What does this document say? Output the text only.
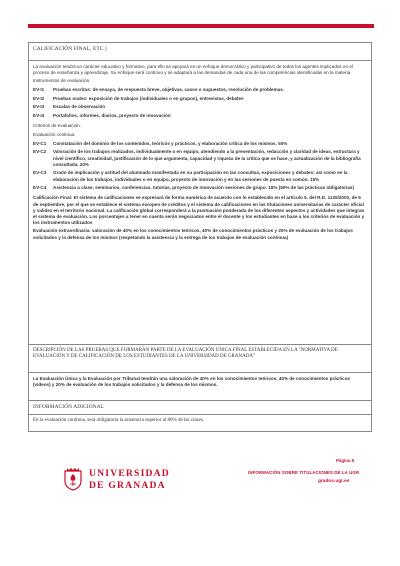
CALIFICACIÓN FINAL, ETC.)

La evaluación tendrá un carácter educativo y formativo, para ello se apoyará en un enfoque democrático y participativo de todos los agentes implicados en el proceso de enseñanza y aprendizaje. Su enfoque será continuo y se adaptará a las demandas de cada una de las competencias identificadas en la materia.

Instrumentos de evaluación.

EV-I1	Pruebas escritas: de ensayo, de respuesta breve, objetivas, casos o supuestos, resolución de problemas.
EV-I2	Pruebas orales: exposición de trabajos (individuales o en grupos), entrevistas, debates
EV-I3	Escalas de observación
EV-I4	Portafolios, informes, diarios, proyecto de innovación

Criterios de evaluación.

Evaluación continua.

EV-C1	Constatación del dominio de los contenidos, teóricos y prácticos, y elaboración crítica de los mismos. 50%
EV-C2	Valoración de los trabajos realizados, individualmente o en equipo, atendiendo a la presentación, redacción y claridad de ideas, estructura y nivel científico, creatividad, justificación de lo que argumenta, capacidad y riqueza de la crítica que se hace, y actualización de la bibliografía consultada. 20%
EV-C3	Grado de implicación y actitud del alumnado manifestada en su participación en las consultas, exposiciones y debates; así como en la elaboración de los trabajos, individuales o en equipo, proyecto de innovación y en las sesiones de puesta en común. 15%
EV-C4	Asistencia a clase, seminarios, conferencias, tutorías, proyecto de innovación sesiones de grupo. 15% (50% de las prácticas obligatorias)

Calificación Final: El sistema de calificaciones se expresará de forma numérica de acuerdo con lo establecido en el artículo 5. del R.D. 1125/2003, de 5 de septiembre, por el que se establece el sistema europeo de créditos y el sistema de calificaciones en las titulaciones universitarias de carácter oficial y validez en el territorio nacional. La calificación global corresponderá a la puntuación ponderada de los diferentes aspectos y actividades que integran el sistema de evaluación. Los porcentajes a tener en cuenta serán negociados entre el docente y los estudiantes en base a los criterios de evaluación y los instrumentos utilizados

Evaluación extraordinaria: valoración de 40% en los conocimientos teóricos, 40% de conocimientos prácticos y 20% de evaluación de los trabajos solicitados y la defensa de los mismos (respetando la asistencia y la entrega de los trabajos de evaluación continua)

DESCRIPCIÓN DE LAS PRUEBAS QUE FORMARÁN PARTE DE LA EVALUACIÓN ÚNICA FINAL ESTABLECIDA EN LA "NORMATIVA DE EVALUACIÓN Y DE CALIFICACIÓN DE LOS ESTUDIANTES DE LA UNIVERSIDAD DE GRANADA"

La Evaluación Única y la Evaluación por Tribunal tendrán una valoración de 40% en los conocimientos teóricos, 40% de conocimientos prácticos (vídeos) y 20% de evaluación de los trabajos solicitados y la defensa de los mismos.

INFORMACIÓN ADICIONAL

En la evaluación continua, será obligatoria la asistencia superior al 80% de las clases.

UNIVERSIDAD
DE GRANADA
Página 5
INFORMACIÓN SOBRE TITULACIONES DE LA UGR
grados.ugr.es
